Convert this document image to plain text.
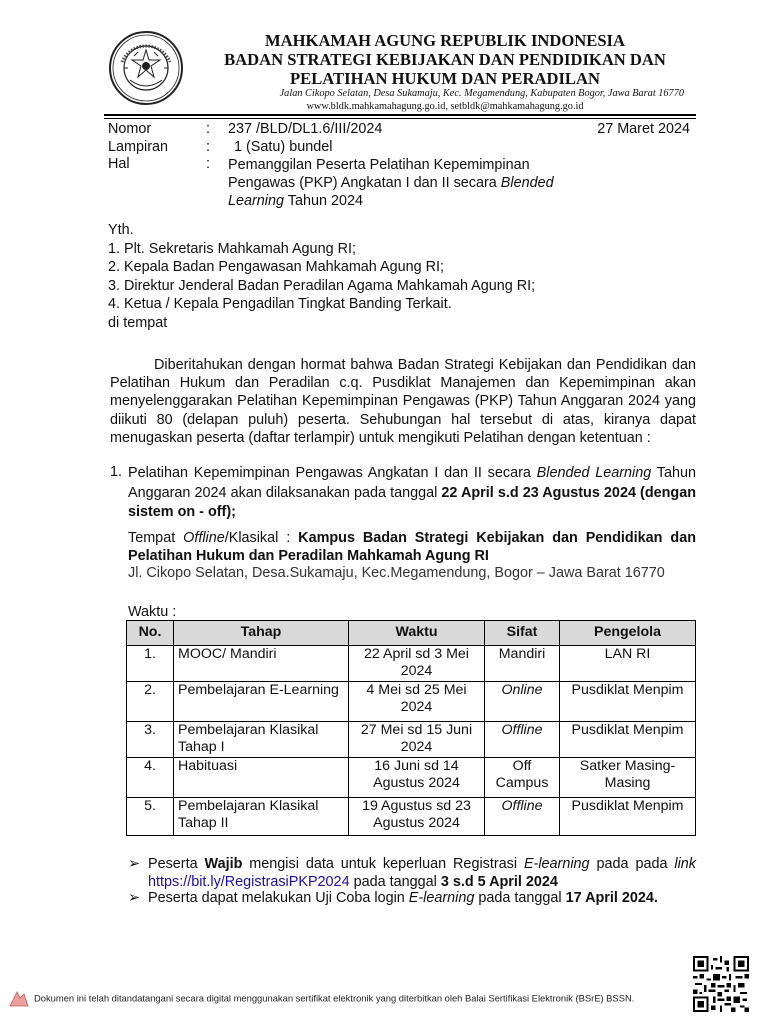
MAHKAMAH AGUNG REPUBLIK INDONESIA
BADAN STRATEGI KEBIJAKAN DAN PENDIDIKAN DAN
PELATIHAN HUKUM DAN PERADILAN
Jalan Cikopo Selatan, Desa Sukamaju, Kec. Megamendung, Kabupaten Bogor, Jawa Barat 16770
www.bldk.mahkamahagung.go.id, setbldk@mahkamahagung.go.id
Nomor	: 237 /BLD/DL1.6/III/2024	27 Maret 2024
Lampiran	: 1 (Satu) bundel
Hal	: Pemanggilan Peserta Pelatihan Kepemimpinan
Pengawas (PKP) Angkatan I dan II secara Blended
Learning Tahun 2024
Yth.
1. Plt. Sekretaris Mahkamah Agung RI;
2. Kepala Badan Pengawasan Mahkamah Agung RI;
3. Direktur Jenderal Badan Peradilan Agama Mahkamah Agung RI;
4. Ketua / Kepala Pengadilan Tingkat Banding Terkait.
di tempat
Diberitahukan dengan hormat bahwa Badan Strategi Kebijakan dan Pendidikan dan Pelatihan Hukum dan Peradilan c.q. Pusdiklat Manajemen dan Kepemimpinan akan menyelenggarakan Pelatihan Kepemimpinan Pengawas (PKP) Tahun Anggaran 2024 yang diikuti 80 (delapan puluh) peserta. Sehubungan hal tersebut di atas, kiranya dapat menugaskan peserta (daftar terlampir) untuk mengikuti Pelatihan dengan ketentuan :
1. Pelatihan Kepemimpinan Pengawas Angkatan I dan II secara Blended Learning Tahun Anggaran 2024 akan dilaksanakan pada tanggal 22 April s.d 23 Agustus 2024 (dengan sistem on - off);
Tempat Offline/Klasikal : Kampus Badan Strategi Kebijakan dan Pendidikan dan Pelatihan Hukum dan Peradilan Mahkamah Agung RI
Jl. Cikopo Selatan, Desa.Sukamaju, Kec.Megamendung, Bogor – Jawa Barat 16770
Waktu :
No.	Tahap	Waktu	Sifat	Pengelola
1.	MOOC/ Mandiri	22 April sd 3 Mei 2024	Mandiri	LAN RI
2.	Pembelajaran E-Learning	4 Mei sd 25 Mei 2024	Online	Pusdiklat Menpim
3.	Pembelajaran Klasikal Tahap I	27 Mei sd 15 Juni 2024	Offline	Pusdiklat Menpim
4.	Habituasi	16 Juni sd 14 Agustus 2024	Off Campus	Satker Masing-Masing
5.	Pembelajaran Klasikal Tahap II	19 Agustus sd 23 Agustus 2024	Offline	Pusdiklat Menpim
➢ Peserta Wajib mengisi data untuk keperluan Registrasi E-learning pada pada link https://bit.ly/RegistrasiPKP2024 pada tanggal 3 s.d 5 April 2024
➢ Peserta dapat melakukan Uji Coba login E-learning pada tanggal 17 April 2024.
Dokumen ini telah ditandatangani secara digital menggunakan sertifikat elektronik yang diterbitkan oleh Balai Sertifikasi Elektronik (BSrE) BSSN.
